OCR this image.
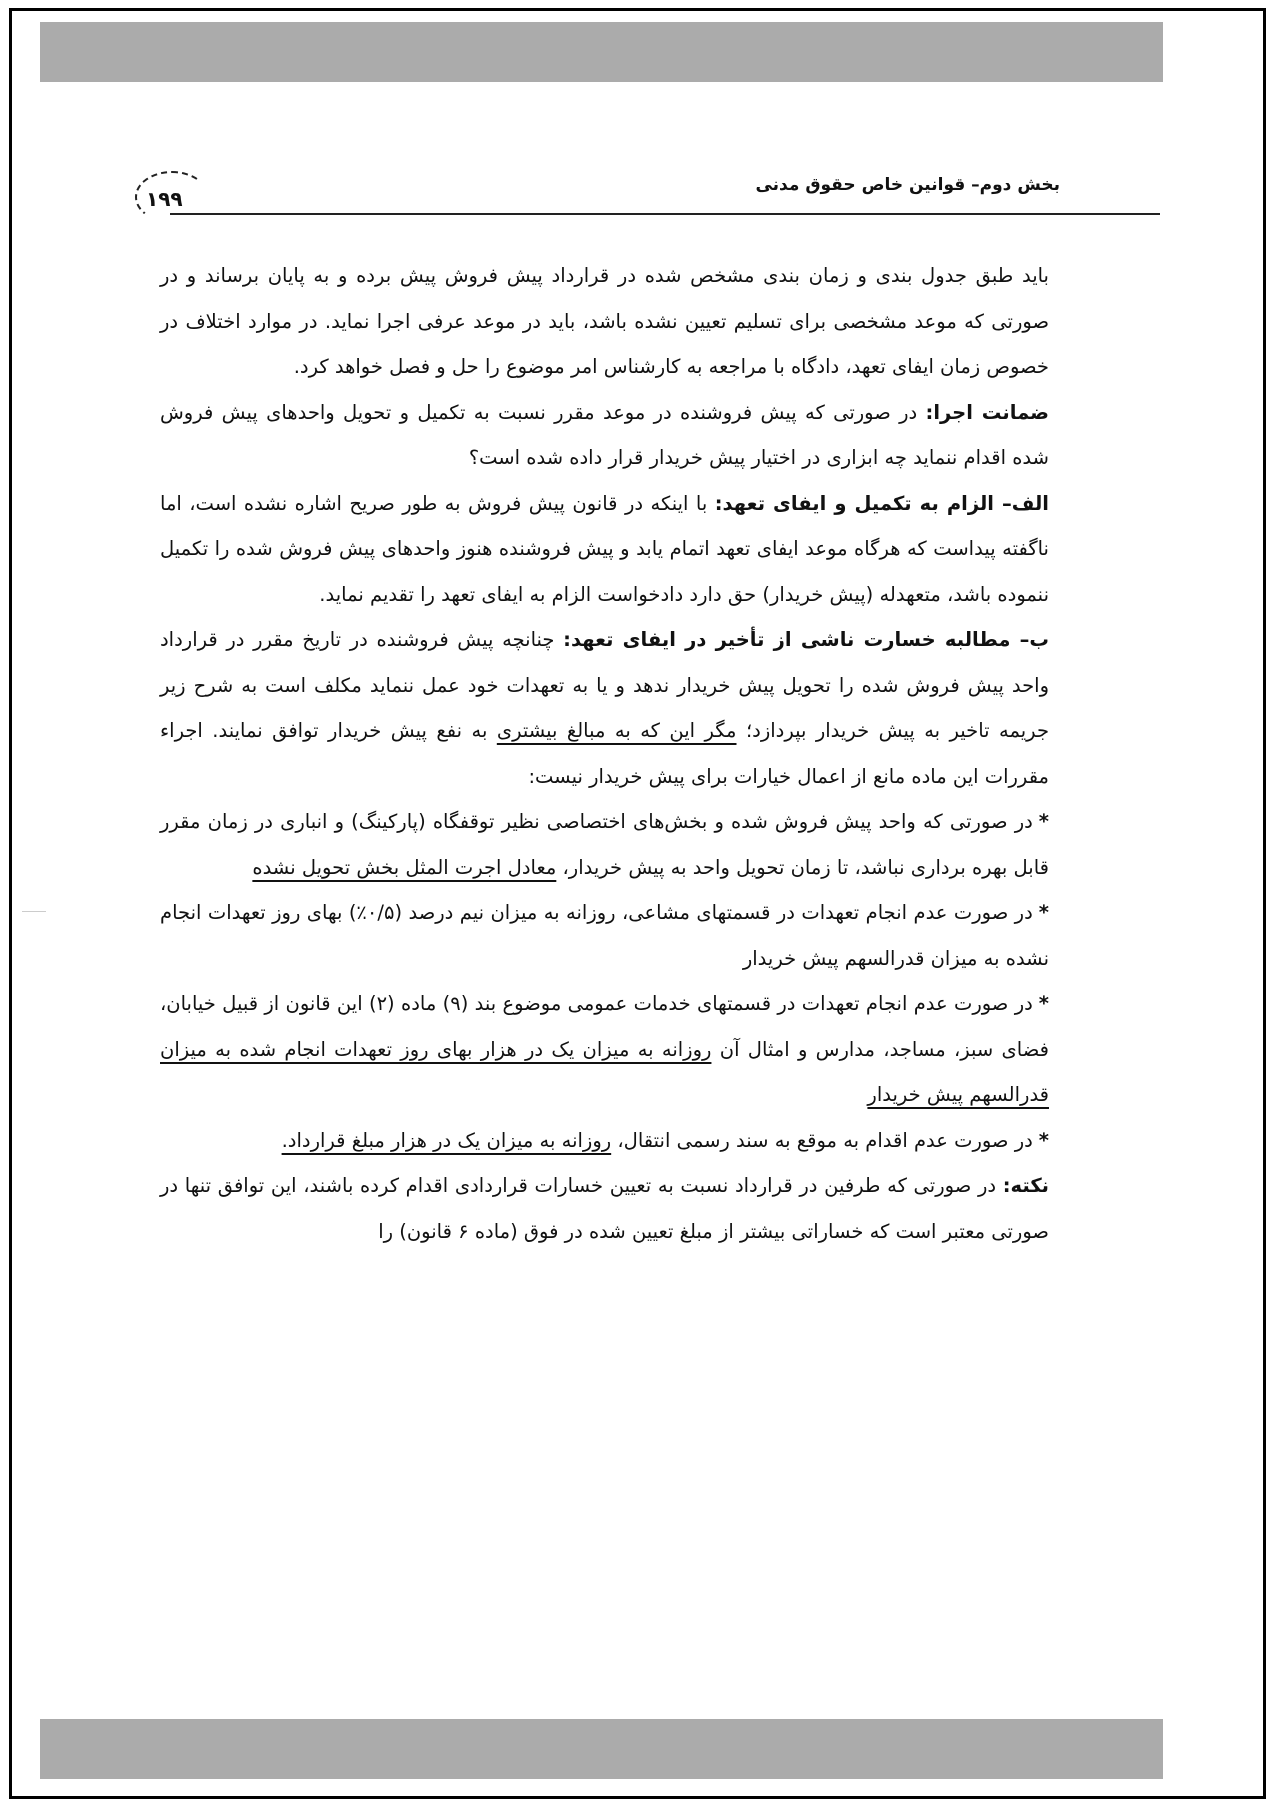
۱۹۹
بخش دوم– قوانین خاص حقوق مدنی

باید طبق جدول بندی و زمان بندی مشخص شده در قرارداد پیش فروش پیش برده و به پایان برساند و در صورتی که موعد مشخصی برای تسلیم تعیین نشده باشد، باید در موعد عرفی اجرا نماید. در موارد اختلاف در خصوص زمان ایفای تعهد، دادگاه با مراجعه به کارشناس امر موضوع را حل و فصل خواهد کرد.

ضمانت اجرا: در صورتی که پیش فروشنده در موعد مقرر نسبت به تکمیل و تحویل واحدهای پیش فروش شده اقدام ننماید چه ابزاری در اختیار پیش خریدار قرار داده شده است؟

الف– الزام به تکمیل و ایفای تعهد: با اینکه در قانون پیش فروش به طور صریح اشاره نشده است، اما ناگفته پیداست که هرگاه موعد ایفای تعهد اتمام یابد و پیش فروشنده هنوز واحدهای پیش فروش شده را تکمیل ننموده باشد، متعهدله (پیش خریدار) حق دارد دادخواست الزام به ایفای تعهد را تقدیم نماید.

ب– مطالبه خسارت ناشی از تأخیر در ایفای تعهد: چنانچه پیش فروشنده در تاریخ مقرر در قرارداد واحد پیش فروش شده را تحویل پیش خریدار ندهد و یا به تعهدات خود عمل ننماید مکلف است به شرح زیر جریمه تاخیر به پیش خریدار بپردازد؛ مگر این که به مبالغ بیشتری به نفع پیش خریدار توافق نمایند. اجراء مقررات این ماده مانع از اعمال خیارات برای پیش خریدار نیست:

*در صورتی که واحد پیش فروش شده و بخش‌های اختصاصی نظیر توقفگاه (پارکینگ) و انباری در زمان مقرر قابل بهره برداری نباشد، تا زمان تحویل واحد به پیش خریدار، معادل اجرت المثل بخش تحویل نشده

*در صورت عدم انجام تعهدات در قسمتهای مشاعی، روزانه به میزان نیم درصد (۰/۵٪) بهای روز تعهدات انجام نشده به میزان قدرالسهم پیش خریدار

*در صورت عدم انجام تعهدات در قسمتهای خدمات عمومی موضوع بند (۹) ماده (۲) این قانون از قبیل خیابان، فضای سبز، مساجد، مدارس و امثال آن روزانه به میزان یک در هزار بهای روز تعهدات انجام شده به میزان قدرالسهم پیش خریدار

*در صورت عدم اقدام به موقع به سند رسمی انتقال، روزانه به میزان یک در هزار مبلغ قرارداد.

نکته: در صورتی که طرفین در قرارداد نسبت به تعیین خسارات قراردادی اقدام کرده باشند، این توافق تنها در صورتی معتبر است که خساراتی بیشتر از مبلغ تعیین شده در فوق (ماده ۶ قانون) را
